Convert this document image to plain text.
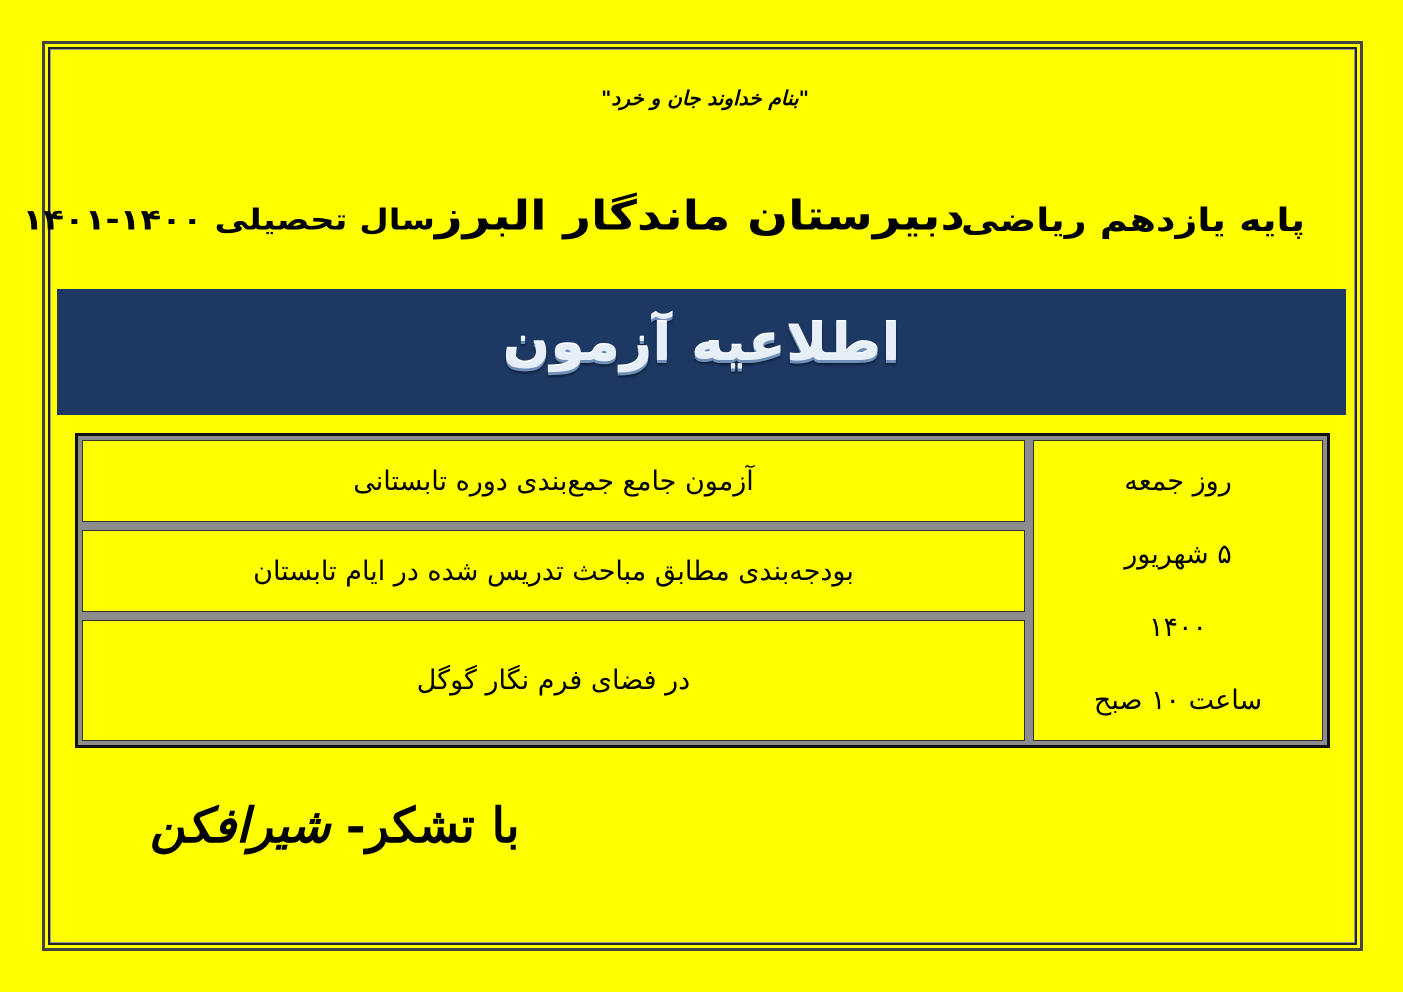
"بنام خداوند جان و خرد"
پایه یازدهم ریاضی
دبیرستان ماندگار البرز
سال تحصیلی ۱۴۰۰-۱۴۰۱
اطلاعیه آزمون
روز جمعه
۵ شهریور
۱۴۰۰
ساعت ۱۰ صبح
	آزمون جامع جمع‌بندی دوره تابستانی
بودجه‌بندی مطابق مباحث تدریس شده در ایام تابستان
در فضای فرم نگار گوگل
با تشکر- شیرافکن
